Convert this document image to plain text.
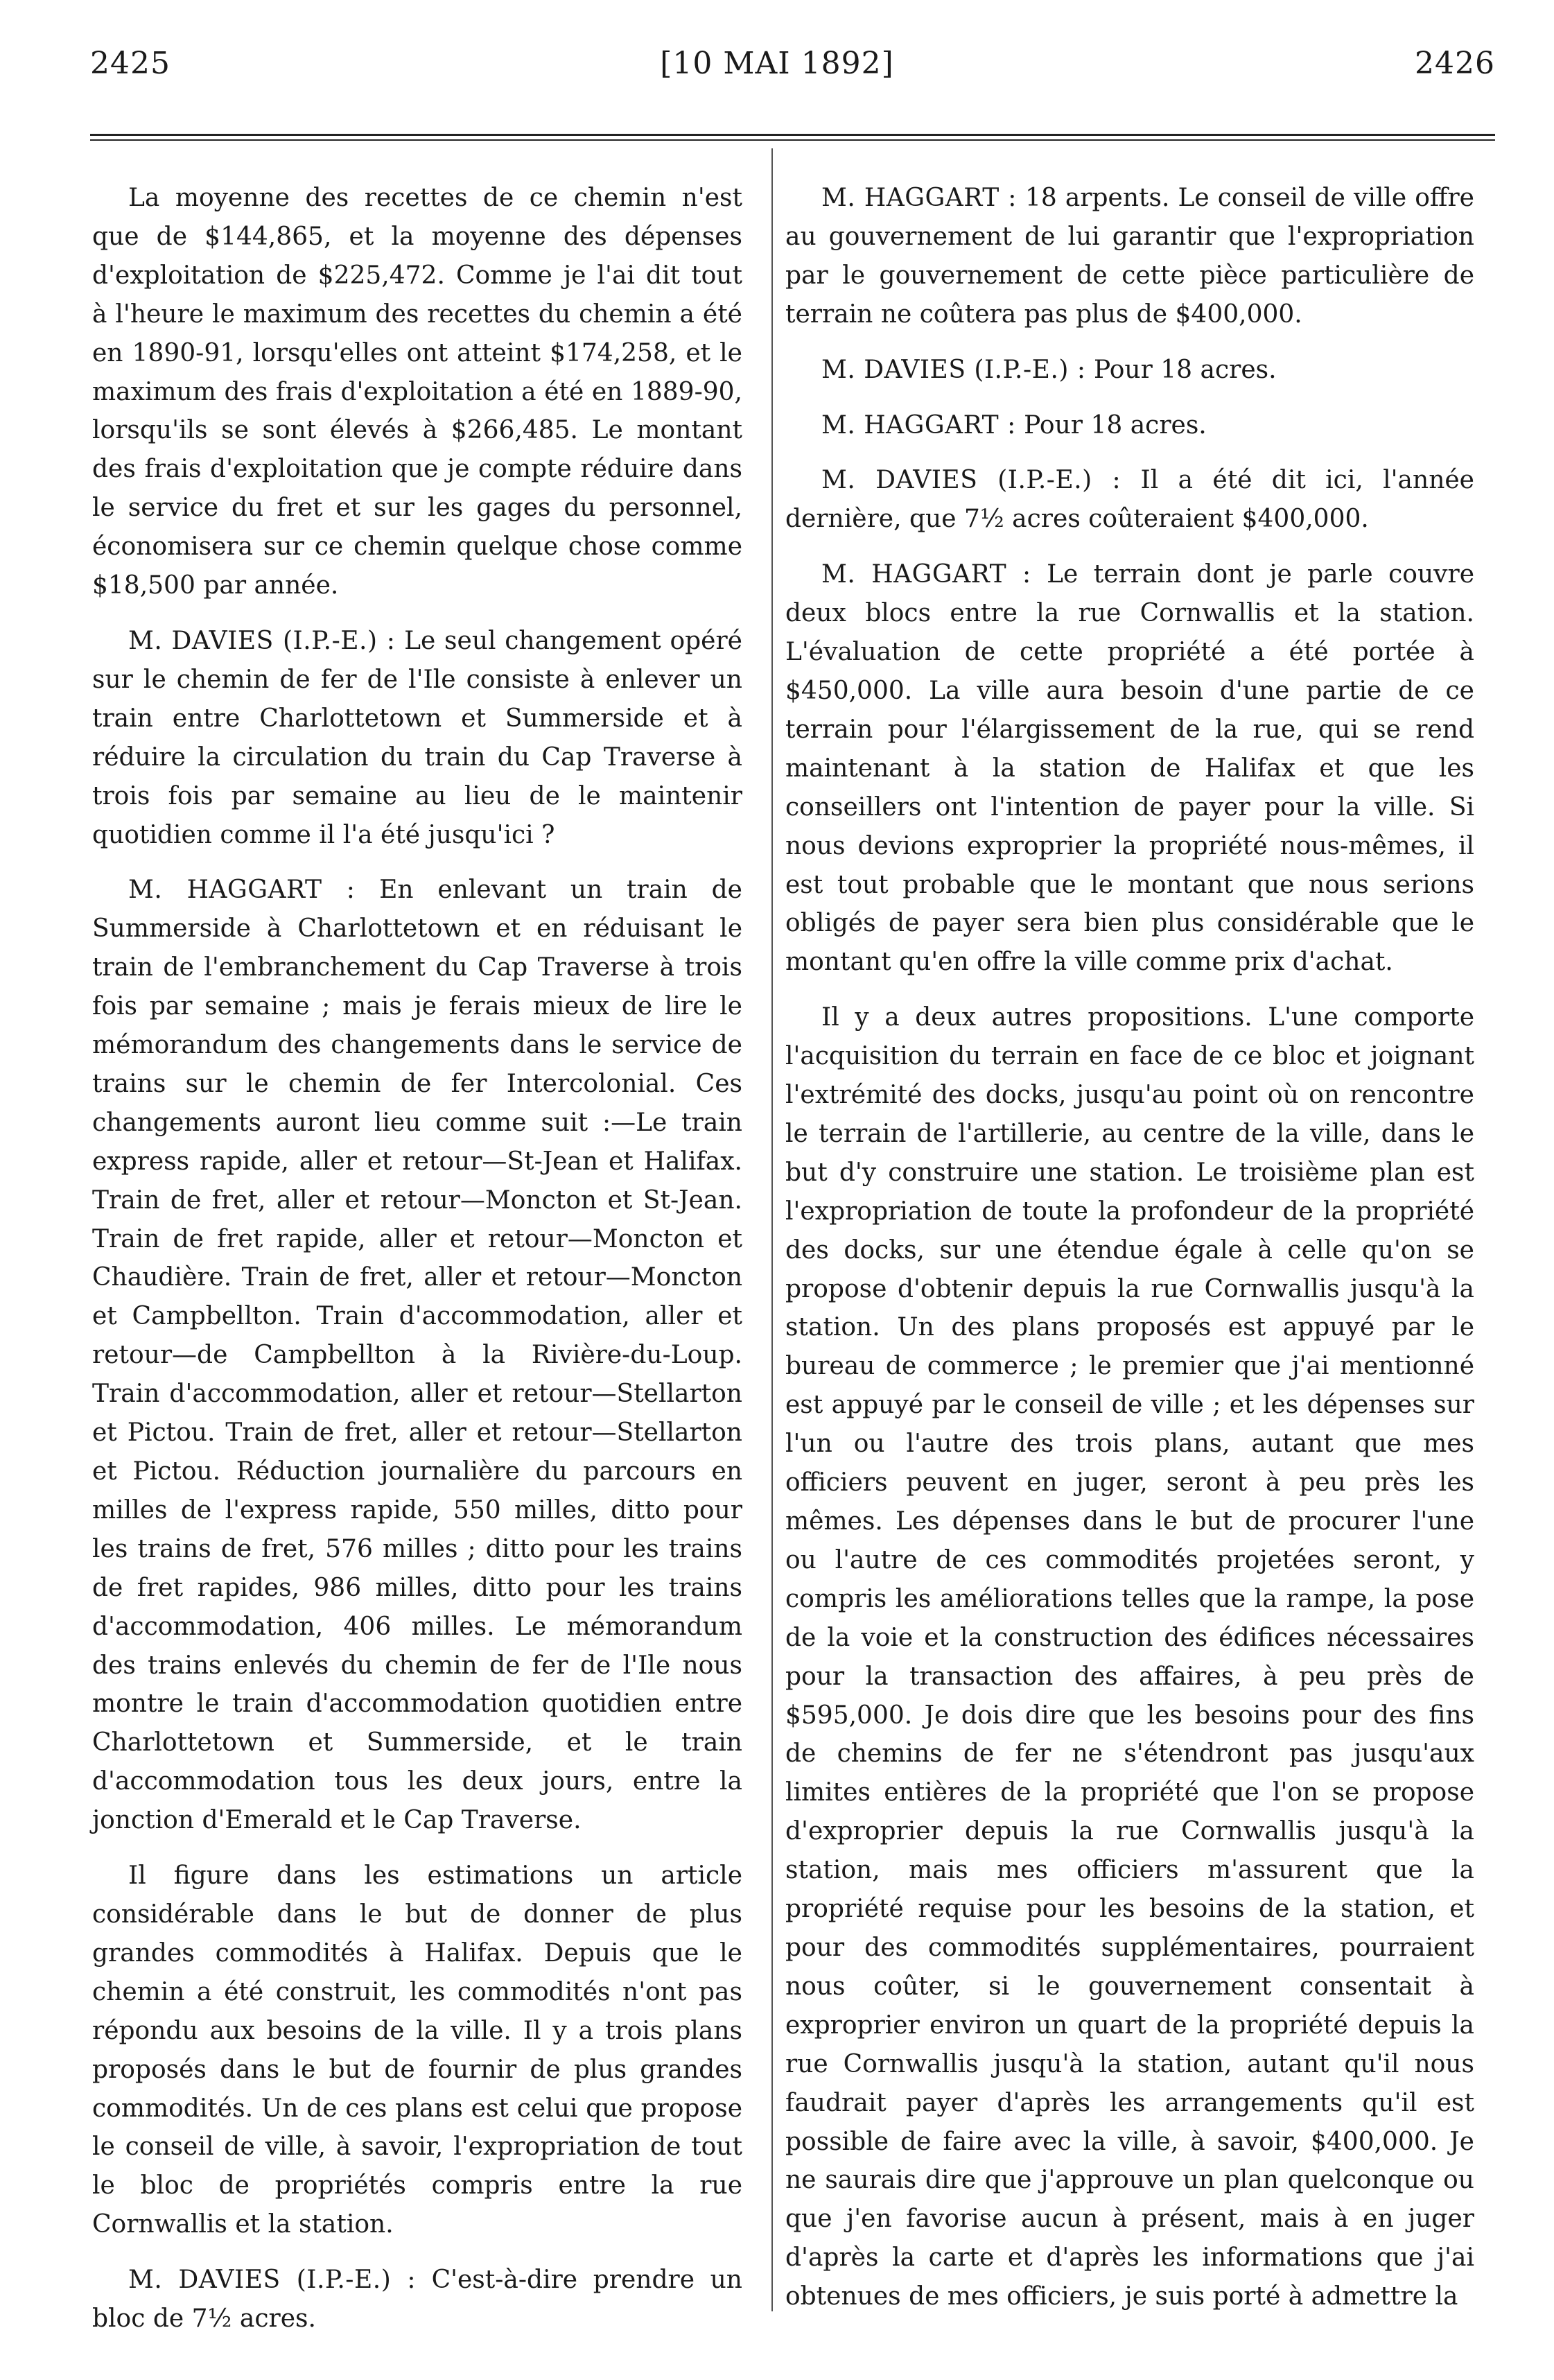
2425	[10 MAI 1892]	2426

La moyenne des recettes de ce chemin n'est que de $144,865, et la moyenne des dépenses d'exploitation de $225,472. Comme je l'ai dit tout à l'heure le maximum des recettes du chemin a été en 1890-91, lorsqu'elles ont atteint $174,258, et le maximum des frais d'exploitation a été en 1889-90, lorsqu'ils se sont élevés à $266,485. Le montant des frais d'exploitation que je compte réduire dans le service du fret et sur les gages du personnel, économisera sur ce chemin quelque chose comme $18,500 par année.

M. DAVIES (I.P.-E.) : Le seul changement opéré sur le chemin de fer de l'Ile consiste à enlever un train entre Charlottetown et Summerside et à réduire la circulation du train du Cap Traverse à trois fois par semaine au lieu de le maintenir quotidien comme il l'a été jusqu'ici ?

M. HAGGART : En enlevant un train de Summerside à Charlottetown et en réduisant le train de l'embranchement du Cap Traverse à trois fois par semaine ; mais je ferais mieux de lire le mémorandum des changements dans le service de trains sur le chemin de fer Intercolonial. Ces changements auront lieu comme suit :—Le train express rapide, aller et retour—St-Jean et Halifax. Train de fret, aller et retour—Moncton et St-Jean. Train de fret rapide, aller et retour—Moncton et Chaudière. Train de fret, aller et retour—Moncton et Campbellton. Train d'accommodation, aller et retour—de Campbellton à la Rivière-du-Loup. Train d'accommodation, aller et retour—Stellarton et Pictou. Train de fret, aller et retour—Stellarton et Pictou. Réduction journalière du parcours en milles de l'express rapide, 550 milles, ditto pour les trains de fret, 576 milles ; ditto pour les trains de fret rapides, 986 milles, ditto pour les trains d'accommodation, 406 milles. Le mémorandum des trains enlevés du chemin de fer de l'Ile nous montre le train d'accommodation quotidien entre Charlottetown et Summerside, et le train d'accommodation tous les deux jours, entre la jonction d'Emerald et le Cap Traverse.

Il figure dans les estimations un article considérable dans le but de donner de plus grandes commodités à Halifax. Depuis que le chemin a été construit, les commodités n'ont pas répondu aux besoins de la ville. Il y a trois plans proposés dans le but de fournir de plus grandes commodités. Un de ces plans est celui que propose le conseil de ville, à savoir, l'expropriation de tout le bloc de propriétés compris entre la rue Cornwallis et la station.

M. DAVIES (I.P.-E.) : C'est-à-dire prendre un bloc de 7½ acres.

M. HAGGART : 18 arpents. Le conseil de ville offre au gouvernement de lui garantir que l'expropriation par le gouvernement de cette pièce particulière de terrain ne coûtera pas plus de $400,000.

M. DAVIES (I.P.-E.) : Pour 18 acres.

M. HAGGART : Pour 18 acres.

M. DAVIES (I.P.-E.) : Il a été dit ici, l'année dernière, que 7½ acres coûteraient $400,000.

M. HAGGART : Le terrain dont je parle couvre deux blocs entre la rue Cornwallis et la station. L'évaluation de cette propriété a été portée à $450,000. La ville aura besoin d'une partie de ce terrain pour l'élargissement de la rue, qui se rend maintenant à la station de Halifax et que les conseillers ont l'intention de payer pour la ville. Si nous devions exproprier la propriété nous-mêmes, il est tout probable que le montant que nous serions obligés de payer sera bien plus considérable que le montant qu'en offre la ville comme prix d'achat.

Il y a deux autres propositions. L'une comporte l'acquisition du terrain en face de ce bloc et joignant l'extrémité des docks, jusqu'au point où on rencontre le terrain de l'artillerie, au centre de la ville, dans le but d'y construire une station. Le troisième plan est l'expropriation de toute la profondeur de la propriété des docks, sur une étendue égale à celle qu'on se propose d'obtenir depuis la rue Cornwallis jusqu'à la station. Un des plans proposés est appuyé par le bureau de commerce ; le premier que j'ai mentionné est appuyé par le conseil de ville ; et les dépenses sur l'un ou l'autre des trois plans, autant que mes officiers peuvent en juger, seront à peu près les mêmes. Les dépenses dans le but de procurer l'une ou l'autre de ces commodités projetées seront, y compris les améliorations telles que la rampe, la pose de la voie et la construction des édifices nécessaires pour la transaction des affaires, à peu près de $595,000. Je dois dire que les besoins pour des fins de chemins de fer ne s'étendront pas jusqu'aux limites entières de la propriété que l'on se propose d'exproprier depuis la rue Cornwallis jusqu'à la station, mais mes officiers m'assurent que la propriété requise pour les besoins de la station, et pour des commodités supplémentaires, pourraient nous coûter, si le gouvernement consentait à exproprier environ un quart de la propriété depuis la rue Cornwallis jusqu'à la station, autant qu'il nous faudrait payer d'après les arrangements qu'il est possible de faire avec la ville, à savoir, $400,000. Je ne saurais dire que j'approuve un plan quelconque ou que j'en favorise aucun à présent, mais à en juger d'après la carte et d'après les informations que j'ai obtenues de mes officiers, je suis porté à admettre la
